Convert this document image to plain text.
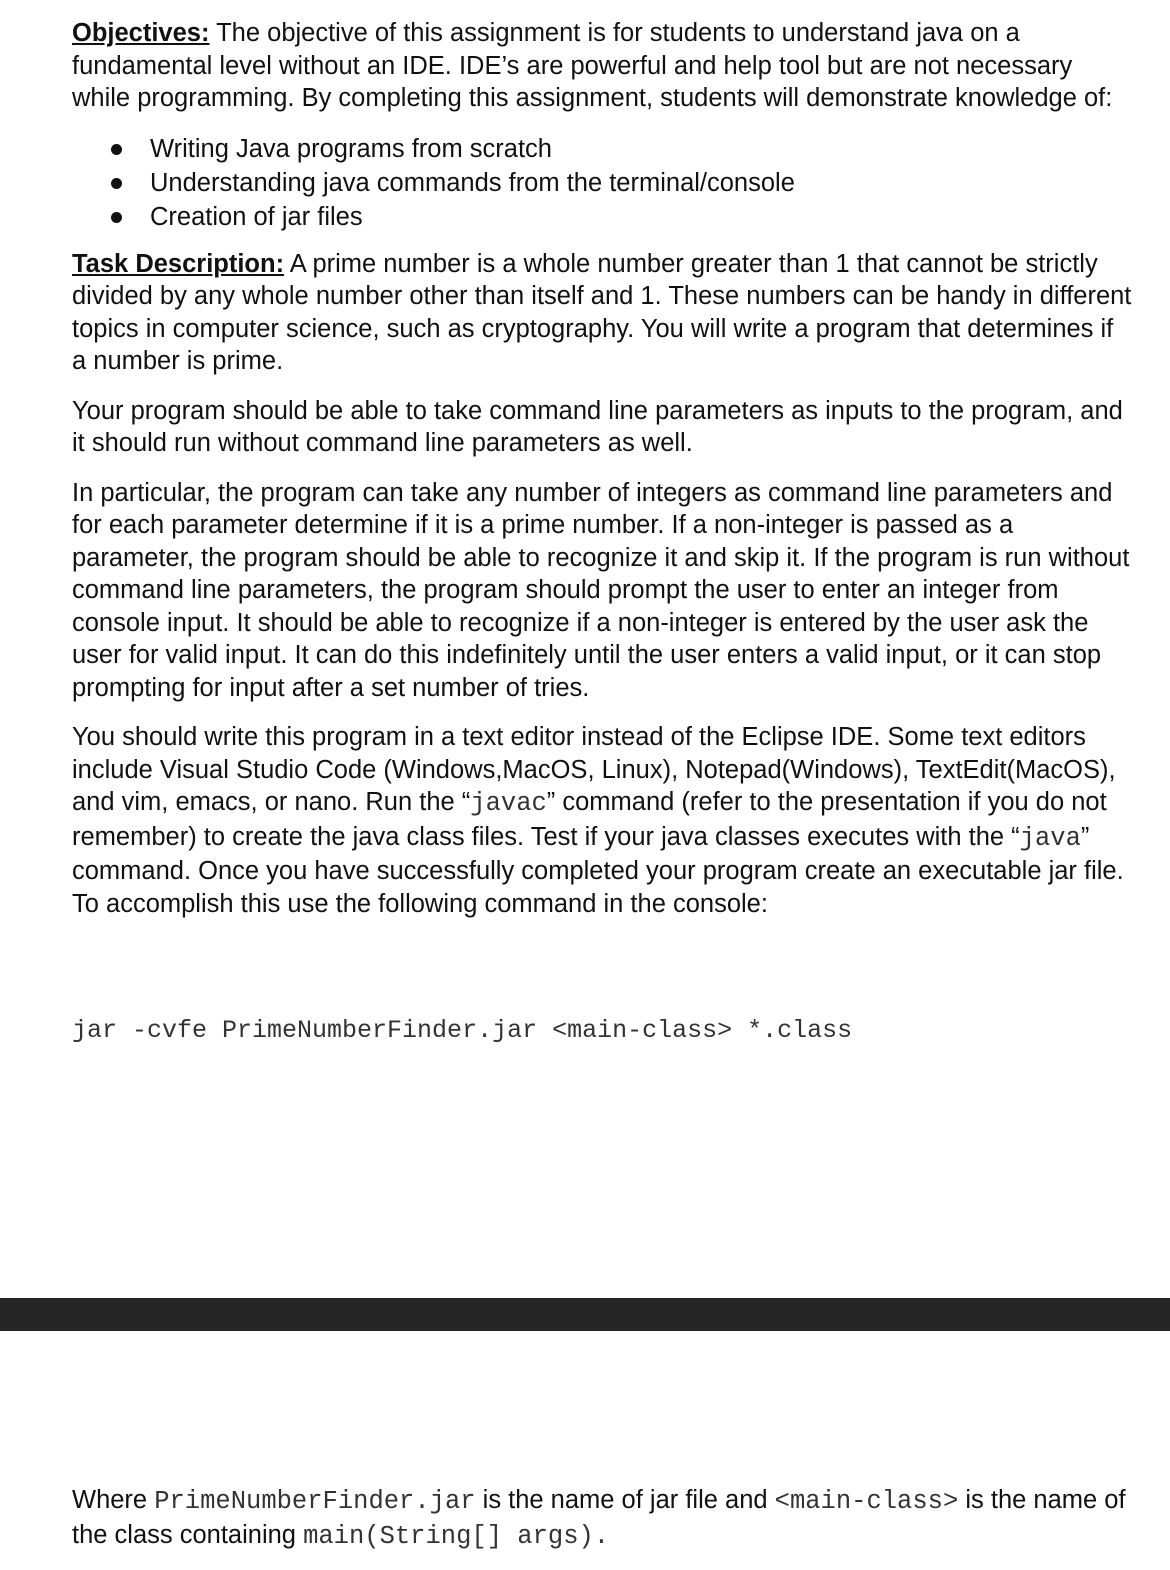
Objectives: The objective of this assignment is for students to understand java on a fundamental level without an IDE. IDE’s are powerful and help tool but are not necessary while programming. By completing this assignment, students will demonstrate knowledge of:

Writing Java programs from scratch
Understanding java commands from the terminal/console
Creation of jar files

Task Description: A prime number is a whole number greater than 1 that cannot be strictly divided by any whole number other than itself and 1. These numbers can be handy in different topics in computer science, such as cryptography. You will write a program that determines if a number is prime.

Your program should be able to take command line parameters as inputs to the program, and it should run without command line parameters as well.

In particular, the program can take any number of integers as command line parameters and for each parameter determine if it is a prime number. If a non-integer is passed as a parameter, the program should be able to recognize it and skip it. If the program is run without command line parameters, the program should prompt the user to enter an integer from console input. It should be able to recognize if a non-integer is entered by the user ask the user for valid input. It can do this indefinitely until the user enters a valid input, or it can stop prompting for input after a set number of tries.

You should write this program in a text editor instead of the Eclipse IDE. Some text editors include Visual Studio Code (Windows,MacOS, Linux), Notepad(Windows), TextEdit(MacOS), and vim, emacs, or nano. Run the “javac” command (refer to the presentation if you do not remember) to create the java class files. Test if your java classes executes with the “java” command. Once you have successfully completed your program create an executable jar file. To accomplish this use the following command in the console:

jar -cvfe PrimeNumberFinder.jar <main-class> *.class

Where PrimeNumberFinder.jar is the name of jar file and <main-class> is the name of the class containing main(String[] args).
